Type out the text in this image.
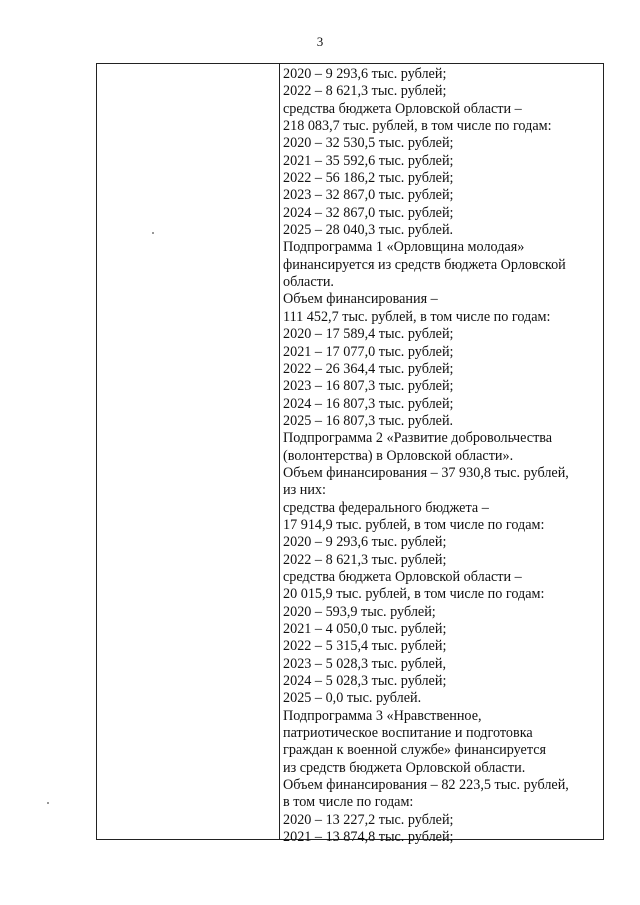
3
2020 – 9 293,6 тыс. рублей;
2022 – 8 621,3 тыс. рублей;
средства бюджета Орловской области –
218 083,7 тыс. рублей, в том числе по годам:
2020 – 32 530,5 тыс. рублей;
2021 – 35 592,6 тыс. рублей;
2022 – 56 186,2 тыс. рублей;
2023 – 32 867,0 тыс. рублей;
2024 – 32 867,0 тыс. рублей;
2025 – 28 040,3 тыс. рублей.
Подпрограмма 1 «Орловщина молодая»
финансируется из средств бюджета Орловской
области.
Объем финансирования –
111 452,7 тыс. рублей, в том числе по годам:
2020 – 17 589,4 тыс. рублей;
2021 – 17 077,0 тыс. рублей;
2022 – 26 364,4 тыс. рублей;
2023 – 16 807,3 тыс. рублей;
2024 – 16 807,3 тыс. рублей;
2025 – 16 807,3 тыс. рублей.
Подпрограмма 2 «Развитие добровольчества
(волонтерства) в Орловской области».
Объем финансирования – 37 930,8 тыс. рублей,
из них:
средства федерального бюджета –
17 914,9 тыс. рублей, в том числе по годам:
2020 – 9 293,6 тыс. рублей;
2022 – 8 621,3 тыс. рублей;
средства бюджета Орловской области –
20 015,9 тыс. рублей, в том числе по годам:
2020 – 593,9 тыс. рублей;
2021 – 4 050,0 тыс. рублей;
2022 – 5 315,4 тыс. рублей;
2023 – 5 028,3 тыс. рублей,
2024 – 5 028,3 тыс. рублей;
2025 – 0,0 тыс. рублей.
Подпрограмма 3 «Нравственное,
патриотическое воспитание и подготовка
граждан к военной службе» финансируется
из средств бюджета Орловской области.
Объем финансирования – 82 223,5 тыс. рублей,
в том числе по годам:
2020 – 13 227,2 тыс. рублей;
2021 – 13 874,8 тыс. рублей;
